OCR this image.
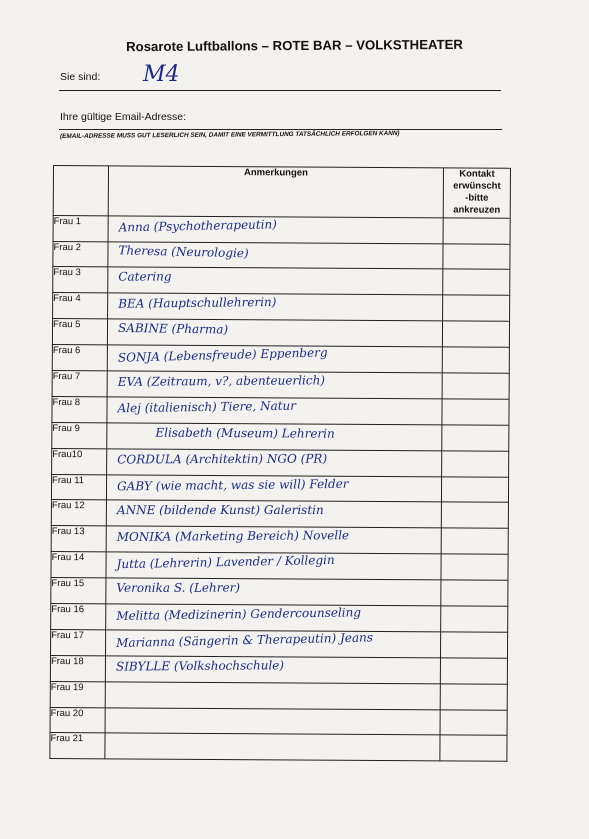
Rosarote Luftballons – ROTE BAR – VOLKSTHEATER
Sie sind: M4
Ihre gültige Email-Adresse:
(EMAIL-ADRESSE MUSS GUT LESERLICH SEIN, DAMIT EINE VERMITTLUNG TATSÄCHLICH ERFOLGEN KANN)
	Anmerkungen	Kontakt
erwünscht
-bitte
ankreuzen

Frau 1	Anna (Psychotherapeutin)	

Frau 2	Theresa (Neurologie)	

Frau 3	Catering	

Frau 4	BEA (Hauptschullehrerin)	

Frau 5	SABINE (Pharma)	

Frau 6	SONJA (Lebensfreude) Eppenberg	

Frau 7	EVA (Zeitraum, v?, abenteuerlich)	

Frau 8	Alej (italienisch) Tiere, Natur	

Frau 9	Elisabeth (Museum) Lehrerin	

Frau10	CORDULA (Architektin) NGO (PR)	

Frau 11	GABY (wie macht, was sie will) Felder	

Frau 12	ANNE (bildende Kunst) Galeristin	

Frau 13	MONIKA (Marketing Bereich) Novelle	

Frau 14	Jutta (Lehrerin) Lavender / Kollegin	

Frau 15	Veronika S. (Lehrer)	

Frau 16	Melitta (Medizinerin) Gendercounseling	

Frau 17	Marianna (Sängerin & Therapeutin) Jeans	

Frau 18	SIBYLLE (Volkshochschule)	

Frau 19	

Frau 20	

Frau 21	
